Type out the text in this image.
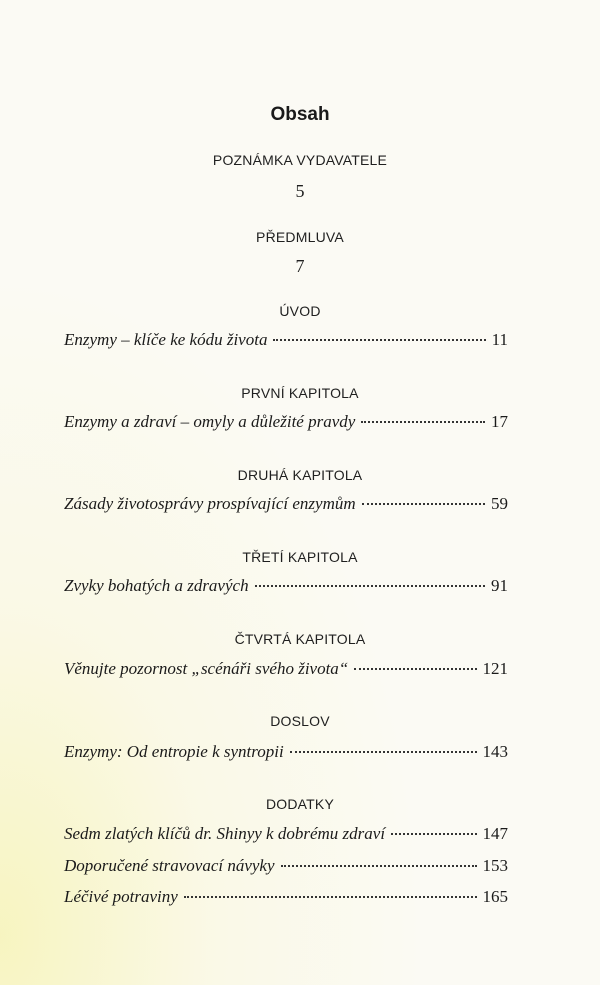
Obsah
POZNÁMKA VYDAVATELE
5
PŘEDMLUVA
7
ÚVOD
Enzymy – klíče ke kódu života	11
PRVNÍ KAPITOLA
Enzymy a zdraví – omyly a důležité pravdy	17
DRUHÁ KAPITOLA
Zásady životosprávy prospívající enzymům	59
TŘETÍ KAPITOLA
Zvyky bohatých a zdravých	91
ČTVRTÁ KAPITOLA
Věnujte pozornost „scénáři svého života“	121
DOSLOV
Enzymy: Od entropie k syntropii	143
DODATKY
Sedm zlatých klíčů dr. Shinyy k dobrému zdraví	147
Doporučené stravovací návyky	153
Léčivé potraviny	165
